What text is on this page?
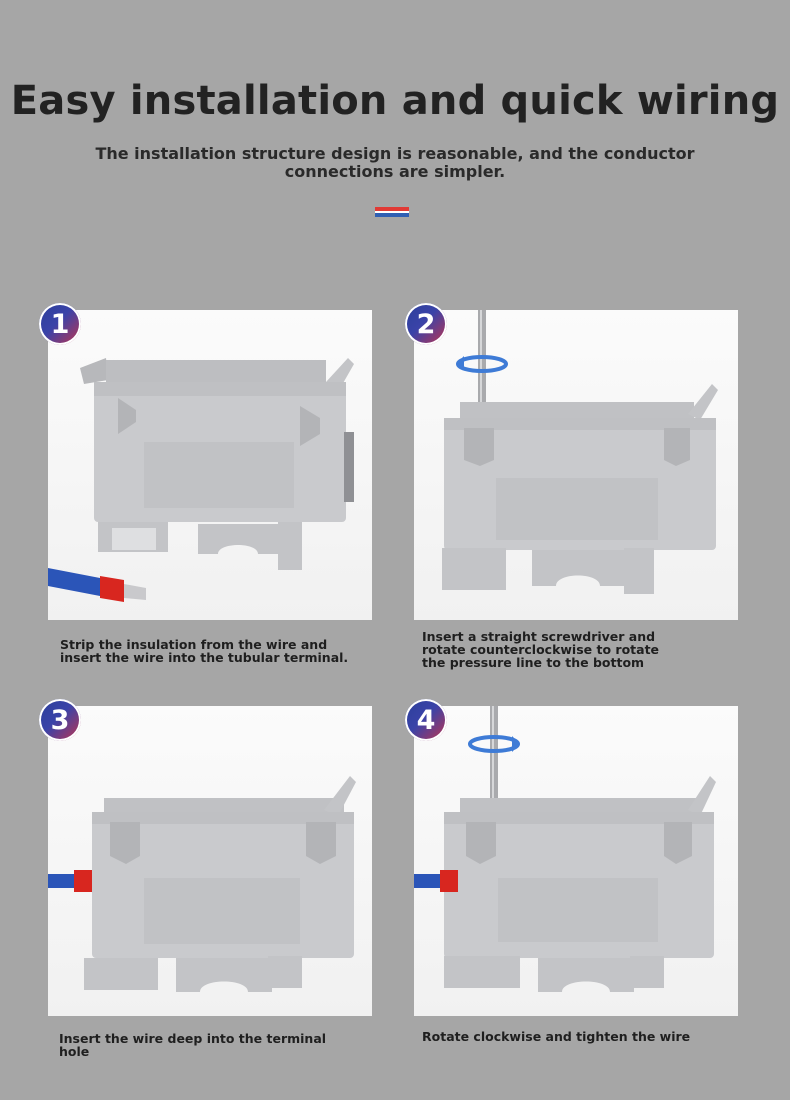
Easy installation and quick wiring
The installation structure design is reasonable, and the conductor connections are simpler.
1
Strip the insulation from the wire and insert the wire into the tubular terminal.
2
Insert a straight screwdriver and rotate counterclockwise to rotate the pressure line to the bottom
3
Insert the wire deep into the terminal hole
4
Rotate clockwise and tighten the wire
